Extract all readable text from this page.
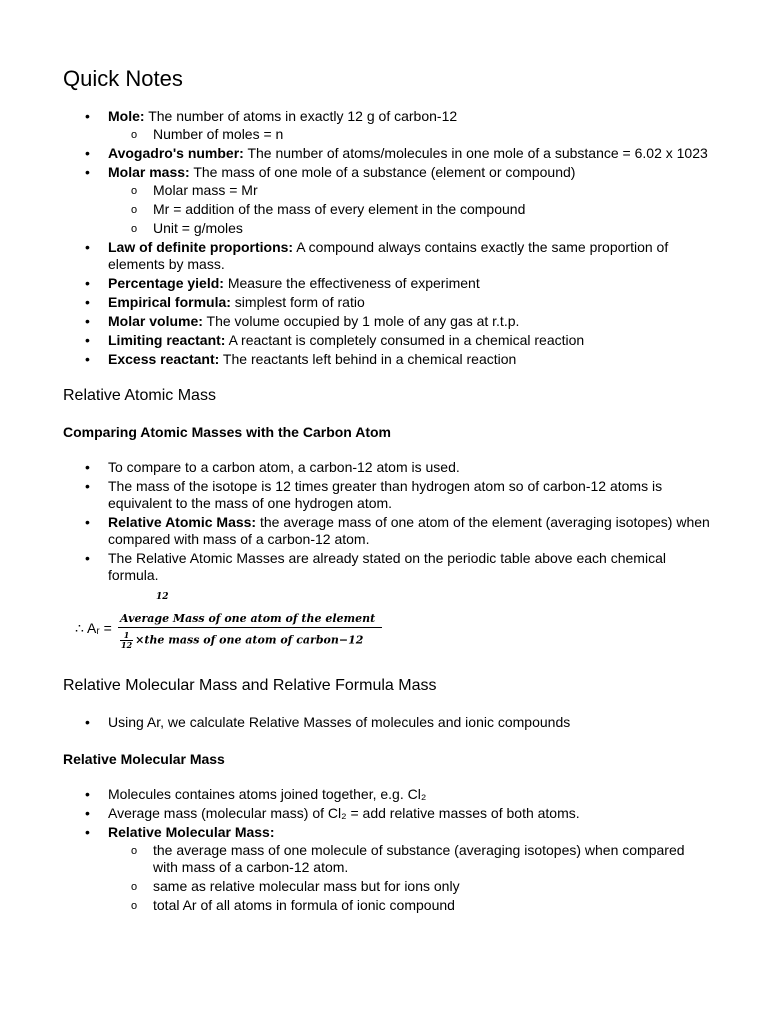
Quick Notes
• Mole: The number of atoms in exactly 12 g of carbon-12
o Number of moles = n
• Avogadro's number: The number of atoms/molecules in one mole of a substance = 6.02 x 1023
• Molar mass: The mass of one mole of a substance (element or compound)
o Molar mass = Mr
o Mr = addition of the mass of every element in the compound
o Unit = g/moles
• Law of definite proportions: A compound always contains exactly the same proportion of elements by mass.
• Percentage yield: Measure the effectiveness of experiment
• Empirical formula: simplest form of ratio
• Molar volume: The volume occupied by 1 mole of any gas at r.t.p.
• Limiting reactant: A reactant is completely consumed in a chemical reaction
• Excess reactant: The reactants left behind in a chemical reaction
Relative Atomic Mass
Comparing Atomic Masses with the Carbon Atom
• To compare to a carbon atom, a carbon-12 atom is used.
• The mass of the isotope is 12 times greater than hydrogen atom so of carbon-12 atoms is equivalent to the mass of one hydrogen atom.
• Relative Atomic Mass: the average mass of one atom of the element (averaging isotopes) when compared with mass of a carbon-12 atom.
• The Relative Atomic Masses are already stated on the periodic table above each chemical formula.
12
∴ Aᵣ =
Average Mass of one atom of the element
$\frac{1}{12} \times the$ mass of one atom of carbon−12
Relative Molecular Mass and Relative Formula Mass
• Using Ar, we calculate Relative Masses of molecules and ionic compounds
Relative Molecular Mass
• Molecules containes atoms joined together, e.g. Cl₂
• Average mass (molecular mass) of Cl₂ = add relative masses of both atoms.
• Relative Molecular Mass:
o the average mass of one molecule of substance (averaging isotopes) when compared with mass of a carbon-12 atom.
o same as relative molecular mass but for ions only
o total Ar of all atoms in formula of ionic compound
